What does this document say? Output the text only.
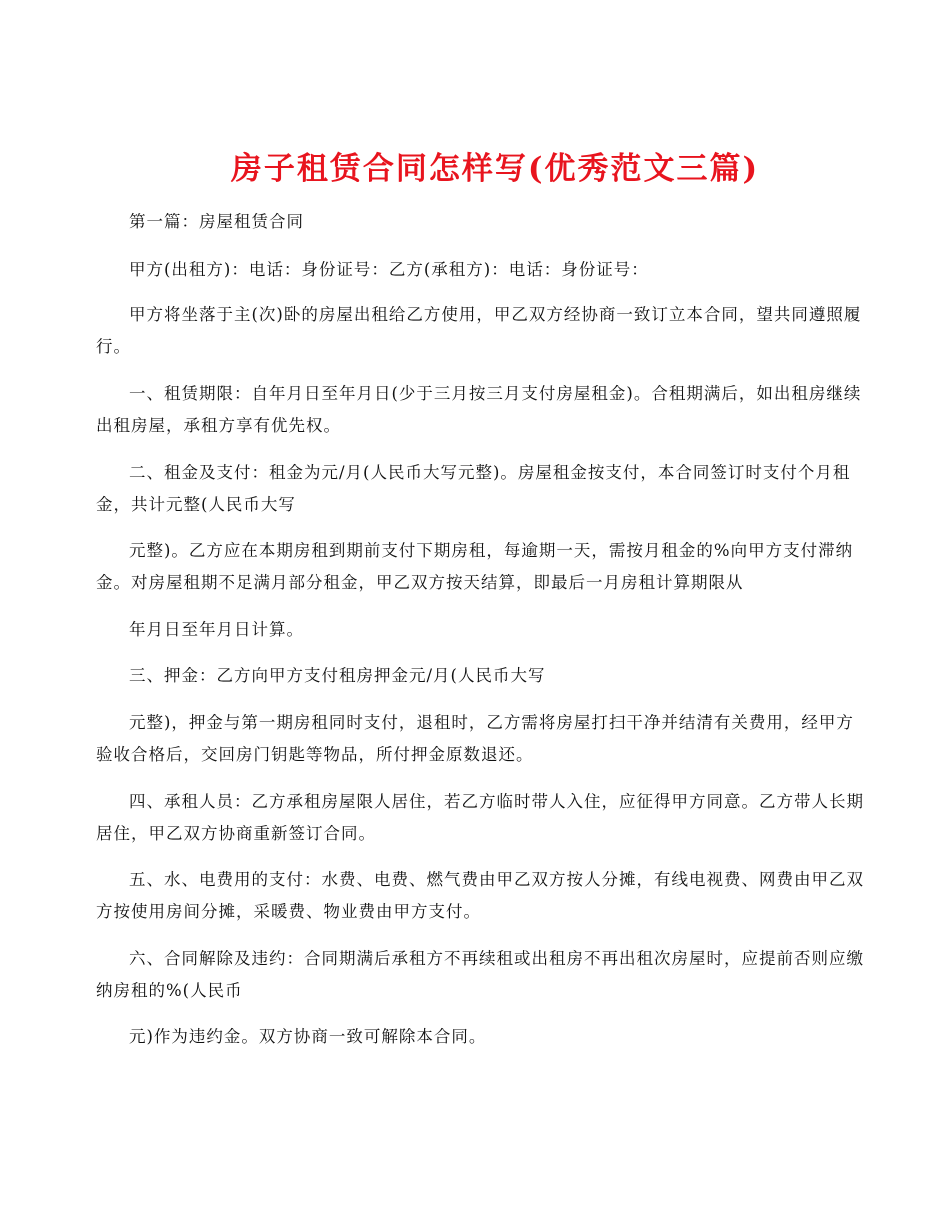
房子租赁合同怎样写(优秀范文三篇)

第一篇：房屋租赁合同

甲方(出租方)：电话：身份证号：乙方(承租方)：电话：身份证号：

甲方将坐落于主(次)卧的房屋出租给乙方使用，甲乙双方经协商一致订立本合同，望共同遵照履行。

一、租赁期限：自年月日至年月日(少于三月按三月支付房屋租金)。合租期满后，如出租房继续出租房屋，承租方享有优先权。

二、租金及支付：租金为元/月(人民币大写元整)。房屋租金按支付，本合同签订时支付个月租金，共计元整(人民币大写

元整)。乙方应在本期房租到期前支付下期房租，每逾期一天，需按月租金的%向甲方支付滞纳金。对房屋租期不足满月部分租金，甲乙双方按天结算，即最后一月房租计算期限从

年月日至年月日计算。

三、押金：乙方向甲方支付租房押金元/月(人民币大写

元整)，押金与第一期房租同时支付，退租时，乙方需将房屋打扫干净并结清有关费用，经甲方验收合格后，交回房门钥匙等物品，所付押金原数退还。

四、承租人员：乙方承租房屋限人居住，若乙方临时带人入住，应征得甲方同意。乙方带人长期居住，甲乙双方协商重新签订合同。

五、水、电费用的支付：水费、电费、燃气费由甲乙双方按人分摊，有线电视费、网费由甲乙双方按使用房间分摊，采暖费、物业费由甲方支付。

六、合同解除及违约：合同期满后承租方不再续租或出租房不再出租次房屋时，应提前否则应缴纳房租的%(人民币

元)作为违约金。双方协商一致可解除本合同。
